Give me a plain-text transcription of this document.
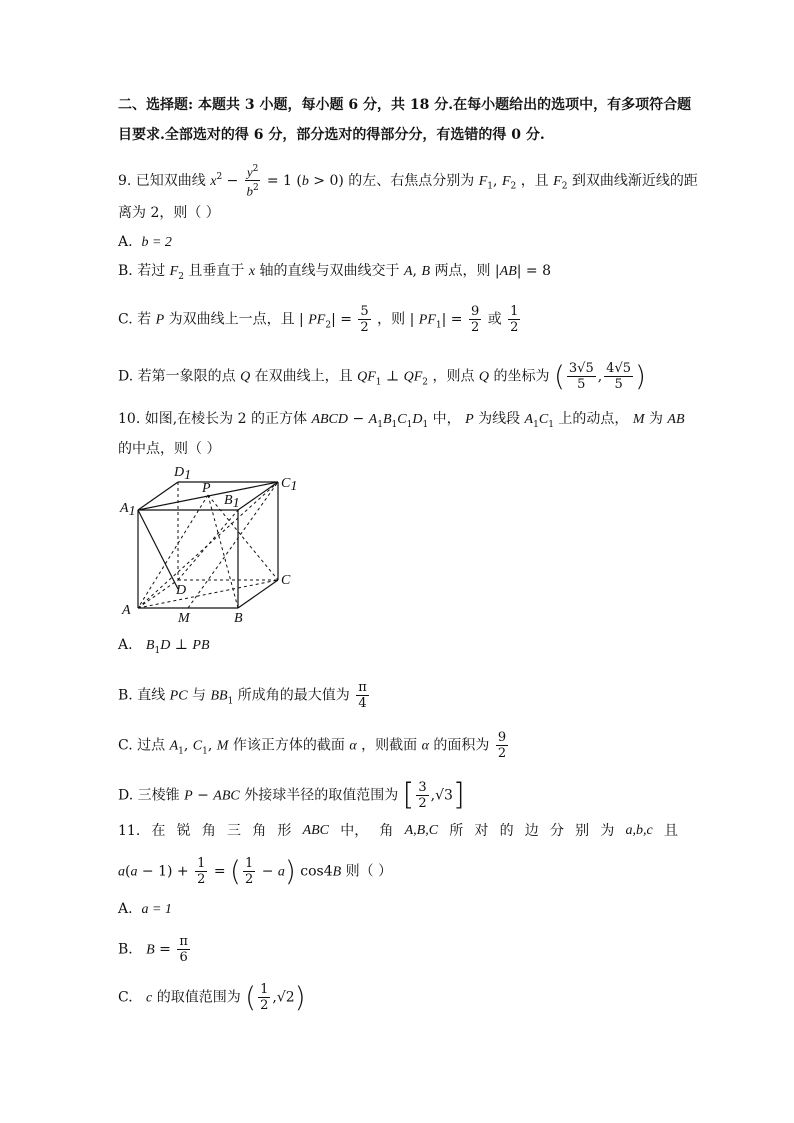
二、选择题: 本题共 3 小题，每小题 6 分，共 18 分.在每小题给出的选项中，有多项符合题
目要求.全部选对的得 6 分，部分选对的得部分分，有选错的得 0 分.
9. 已知双曲线 $x^2 - \frac{y^2}{b^2} = 1$ (b > 0) 的左、右焦点分别为 $F_1$, $F_2$ ，且 $F_2$ 到双曲线渐近线的距
离为 2，则（ ）
A. b = 2
B. 若过 $F_2$ 且垂直于 x 轴的直线与双曲线交于 A, B 两点，则 |AB| = 8
C. 若 P 为双曲线上一点，且 | $PF_2| = \frac{5}{2}$ ，则 | $PF_1| = \frac{9}{2}$ 或 $\frac{1}{2}$
D. 若第一象限的点 Q 在双曲线上，且 $QF_1$ ⊥ $QF_2$ ，则点 Q 的坐标为 ( $\frac{3√5}{5}$ , $\frac{4√5}{5}$ )
10. 如图,在棱长为 2 的正方体 ABCD − $A_1B_1C_1D_1$ 中， P 为线段 $A_1C_1$ 上的动点， M 为 AB
的中点，则（ ）
D1
P
B1
C1
A1
D
C
A
M	B
A. $B_1D$ ⊥ PB
B. 直线 PC 与 $BB_1$ 所成角的最大值为 $\frac{\pi}{4}$
C. 过点 $A_1$, $C_1$, M 作该正方体的截面 α ，则截面 α 的面积为 $\frac{9}{2}$
D. 三棱锥 P − ABC 外接球半径的取值范围为 [ $\frac{3}{2} ,√3$]
11. 在 锐 角 三 角 形 ABC 中， 角 A,B,C 所 对 的 边 分 别 为 a,b,c 且
$a(a - 1) + \frac{1}{2}$ = ( $\frac{1}{2} - a$) cos4B 则（ ）
A. a = 1
B. $B = \frac{\pi}{6}$
C. c 的取值范围为 ( $\frac{1}{2} ,√2$)
